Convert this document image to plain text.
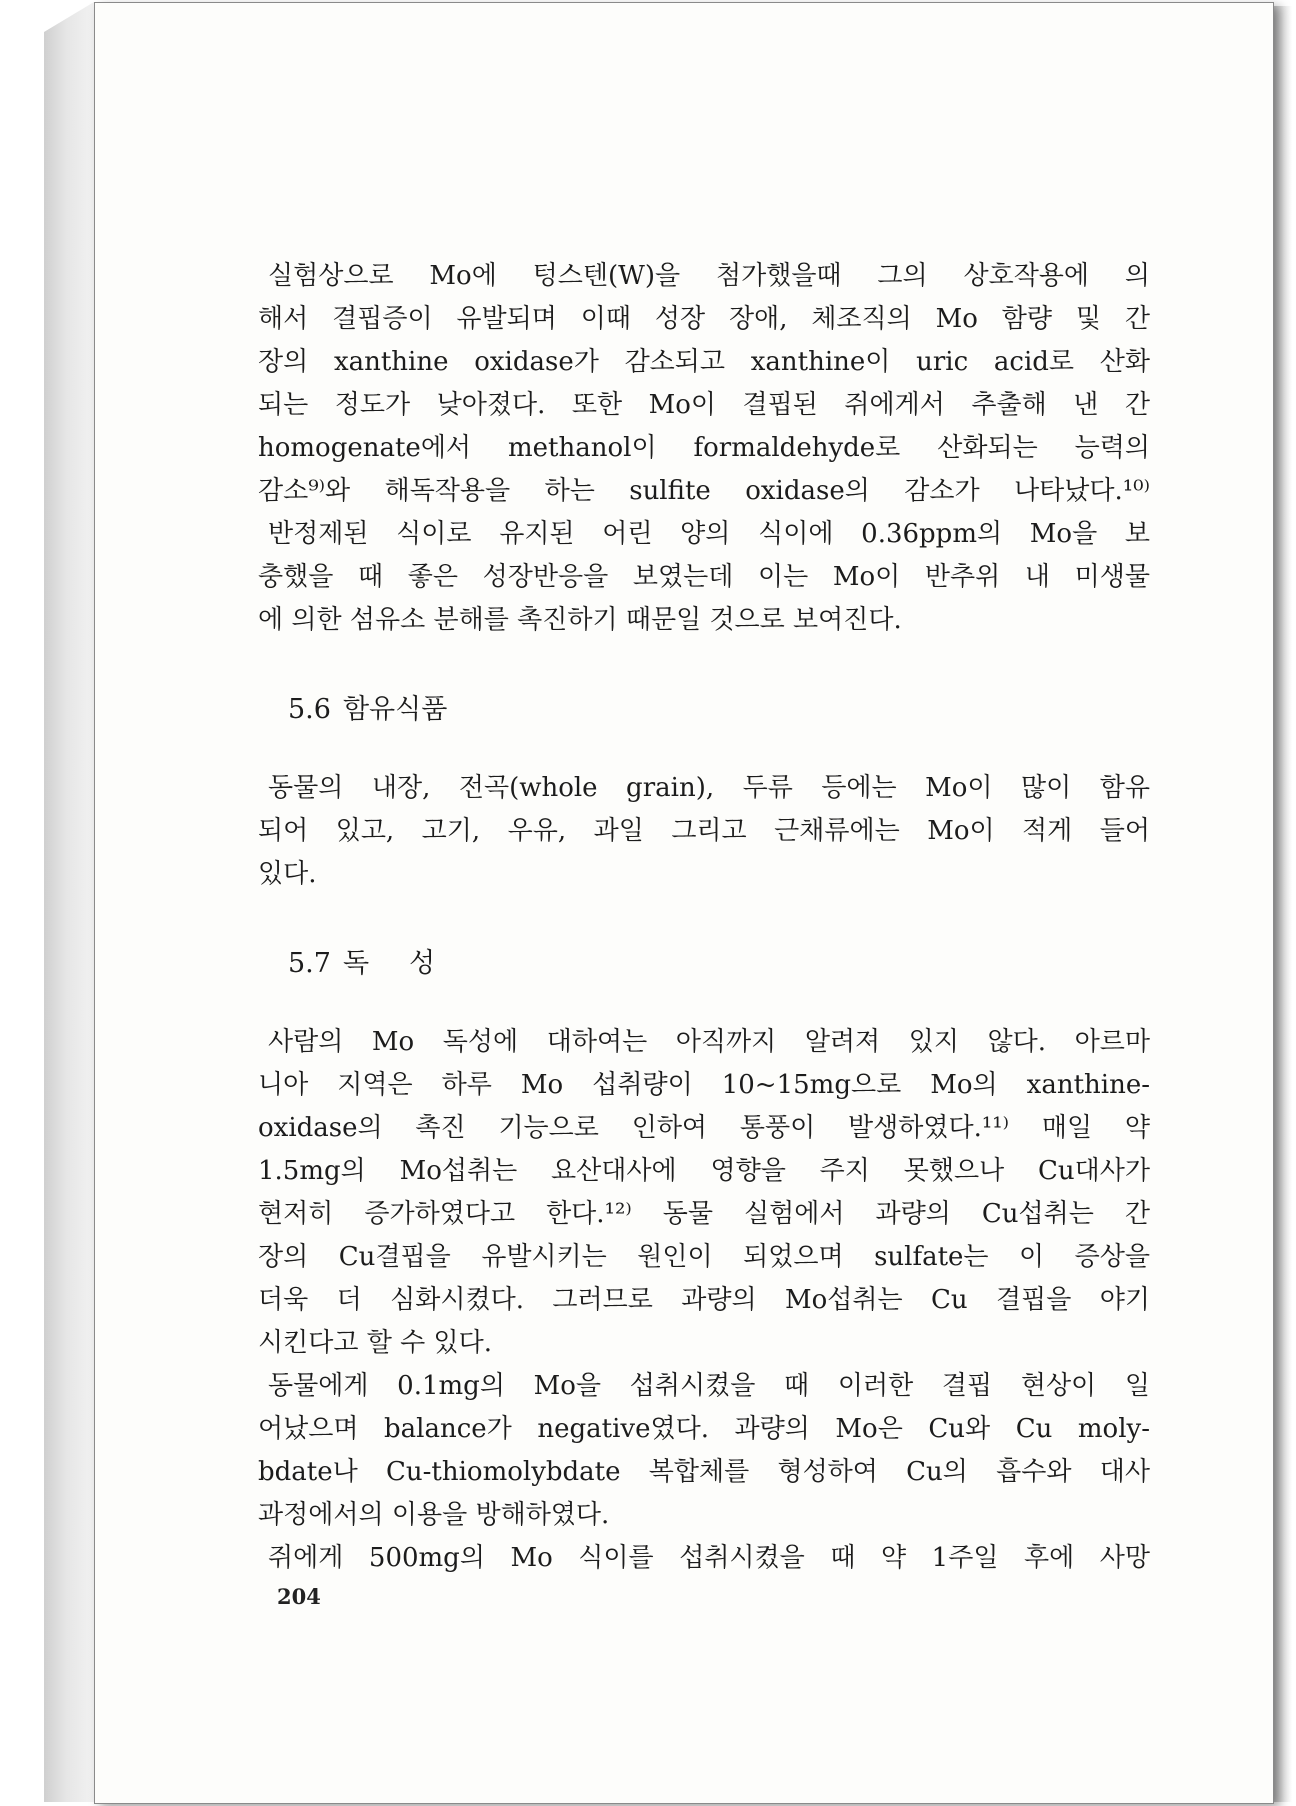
실험상으로 Mo에 텅스텐(W)을 첨가했을때 그의 상호작용에 의
해서 결핍증이 유발되며 이때 성장 장애, 체조직의 Mo 함량 및 간
장의 xanthine oxidase가 감소되고 xanthine이 uric acid로 산화
되는 정도가 낮아졌다. 또한 Mo이 결핍된 쥐에게서 추출해 낸 간
homogenate에서 methanol이 formaldehyde로 산화되는 능력의
감소⁹⁾와 해독작용을 하는 sulfite oxidase의 감소가 나타났다.¹⁰⁾
반정제된 식이로 유지된 어린 양의 식이에 0.36ppm의 Mo을 보
충했을 때 좋은 성장반응을 보였는데 이는 Mo이 반추위 내 미생물
에 의한 섬유소 분해를 촉진하기 때문일 것으로 보여진다.
5.6 함유식품
동물의 내장, 전곡(whole grain), 두류 등에는 Mo이 많이 함유
되어 있고, 고기, 우유, 과일 그리고 근채류에는 Mo이 적게 들어
있다.
5.7 독 성
사람의 Mo 독성에 대하여는 아직까지 알려져 있지 않다. 아르마
니아 지역은 하루 Mo 섭취량이 10~15mg으로 Mo의 xanthine-
oxidase의 촉진 기능으로 인하여 통풍이 발생하였다.¹¹⁾ 매일 약
1.5mg의 Mo섭취는 요산대사에 영향을 주지 못했으나 Cu대사가
현저히 증가하였다고 한다.¹²⁾ 동물 실험에서 과량의 Cu섭취는 간
장의 Cu결핍을 유발시키는 원인이 되었으며 sulfate는 이 증상을
더욱 더 심화시켰다. 그러므로 과량의 Mo섭취는 Cu 결핍을 야기
시킨다고 할 수 있다.
동물에게 0.1mg의 Mo을 섭취시켰을 때 이러한 결핍 현상이 일
어났으며 balance가 negative였다. 과량의 Mo은 Cu와 Cu moly-
bdate나 Cu-thiomolybdate 복합체를 형성하여 Cu의 흡수와 대사
과정에서의 이용을 방해하였다.
쥐에게 500mg의 Mo 식이를 섭취시켰을 때 약 1주일 후에 사망
204
